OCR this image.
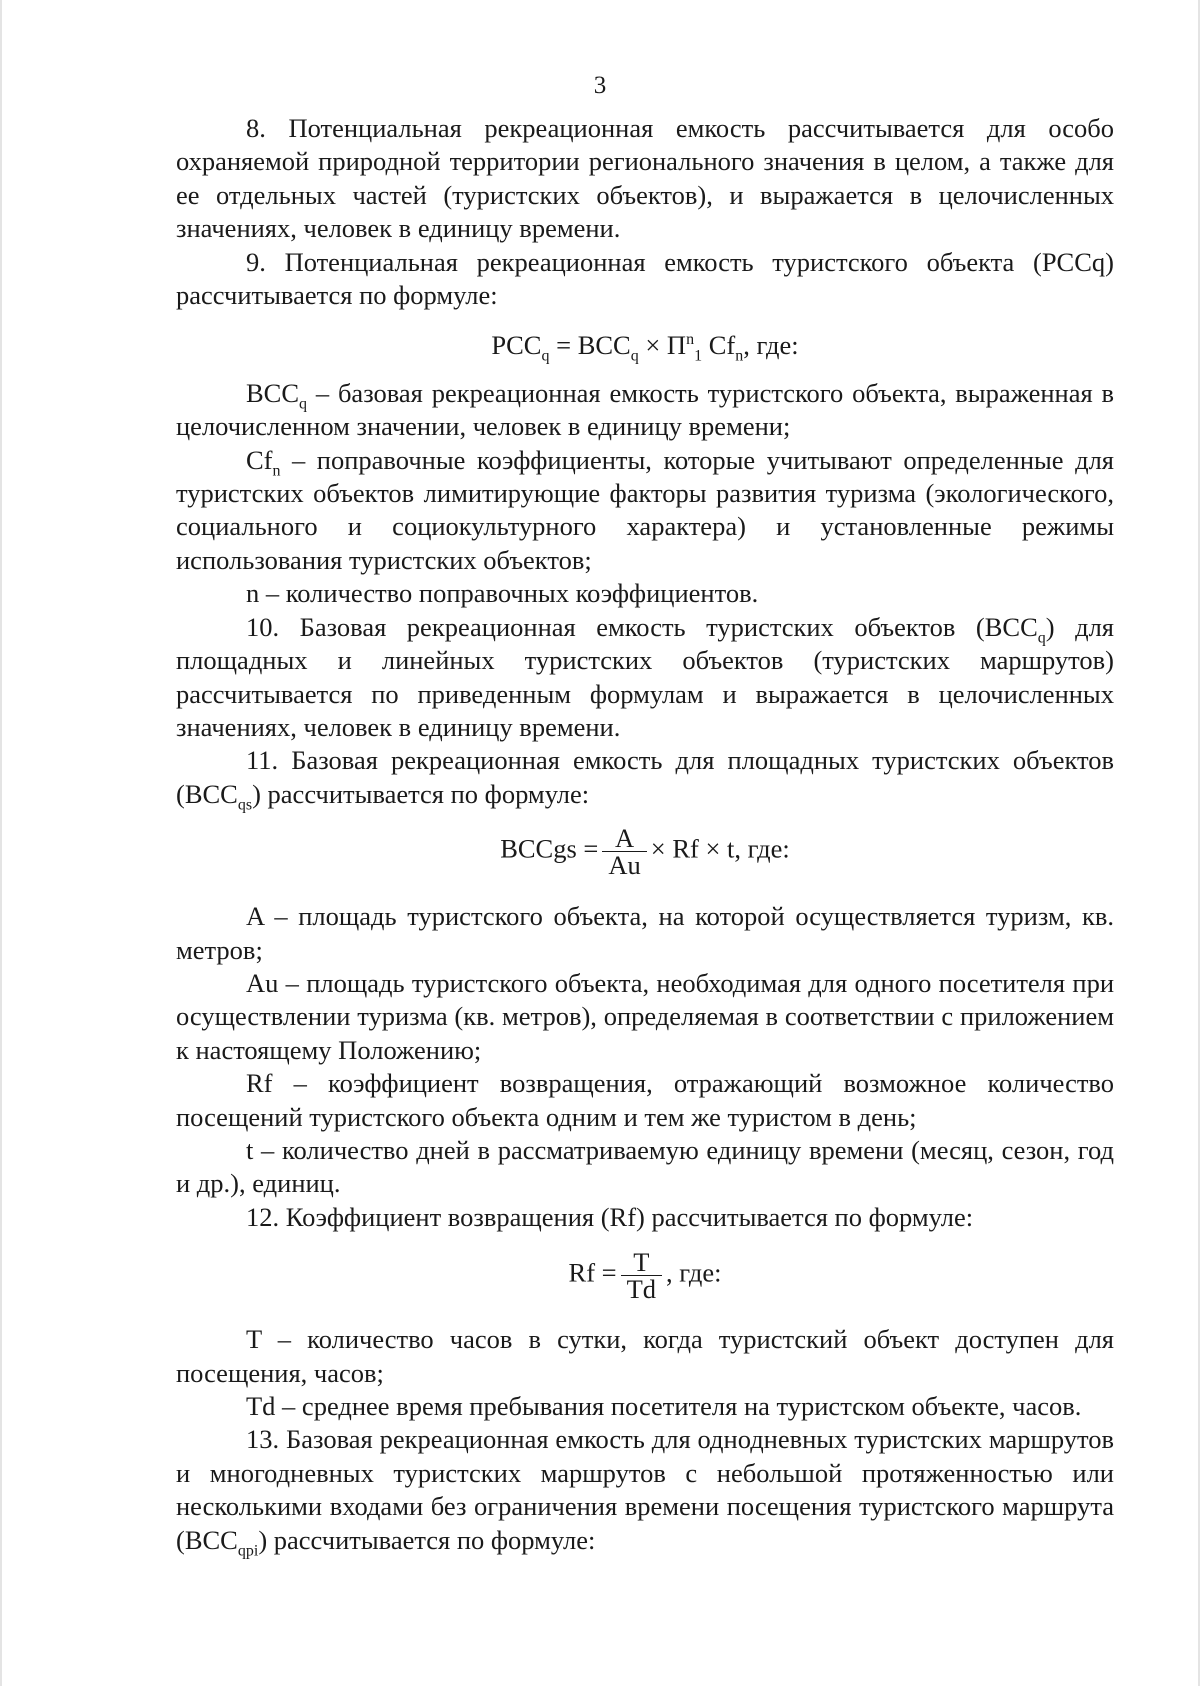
3

8. Потенциальная рекреационная емкость рассчитывается для особо охраняемой природной территории регионального значения в целом, а также для ее отдельных частей (туристских объектов), и выражается в целочисленных значениях, человек в единицу времени.

9. Потенциальная рекреационная емкость туристского объекта (PCCq) рассчитывается по формуле:

$PCC_q = BCC_q \times П^n_1$ $Cf_n$, где:

$BCC_q$ – базовая рекреационная емкость туристского объекта, выраженная в целочисленном значении, человек в единицу времени;

$Cf_n$ – поправочные коэффициенты, которые учитывают определенные для туристских объектов лимитирующие факторы развития туризма (экологического, социального и социокультурного характера) и установленные режимы использования туристских объектов;

n – количество поправочных коэффициентов.

10. Базовая рекреационная емкость туристских объектов $(BCC_q)$ для площадных и линейных туристских объектов (туристских маршрутов) рассчитывается по приведенным формулам и выражается в целочисленных значениях, человек в единицу времени.

11. Базовая рекреационная емкость для площадных туристских объектов $(BCC_{qs})$ рассчитывается по формуле:

BCCgs = $\frac{A}{Au} \times Rf \times t$, где:

A – площадь туристского объекта, на которой осуществляется туризм, кв. метров;

Au – площадь туристского объекта, необходимая для одного посетителя при осуществлении туризма (кв. метров), определяемая в соответствии с приложением к настоящему Положению;

Rf – коэффициент возвращения, отражающий возможное количество посещений туристского объекта одним и тем же туристом в день;

t – количество дней в рассматриваемую единицу времени (месяц, сезон, год и др.), единиц.

12. Коэффициент возвращения (Rf) рассчитывается по формуле:

$Rf = \frac{T}{Td}$ , где:

T – количество часов в сутки, когда туристский объект доступен для посещения, часов;

Td – среднее время пребывания посетителя на туристском объекте, часов.

13. Базовая рекреационная емкость для однодневных туристских маршрутов и многодневных туристских маршрутов с небольшой протяженностью или несколькими входами без ограничения времени посещения туристского маршрута $(BCC_{qpi})$ рассчитывается по формуле:
